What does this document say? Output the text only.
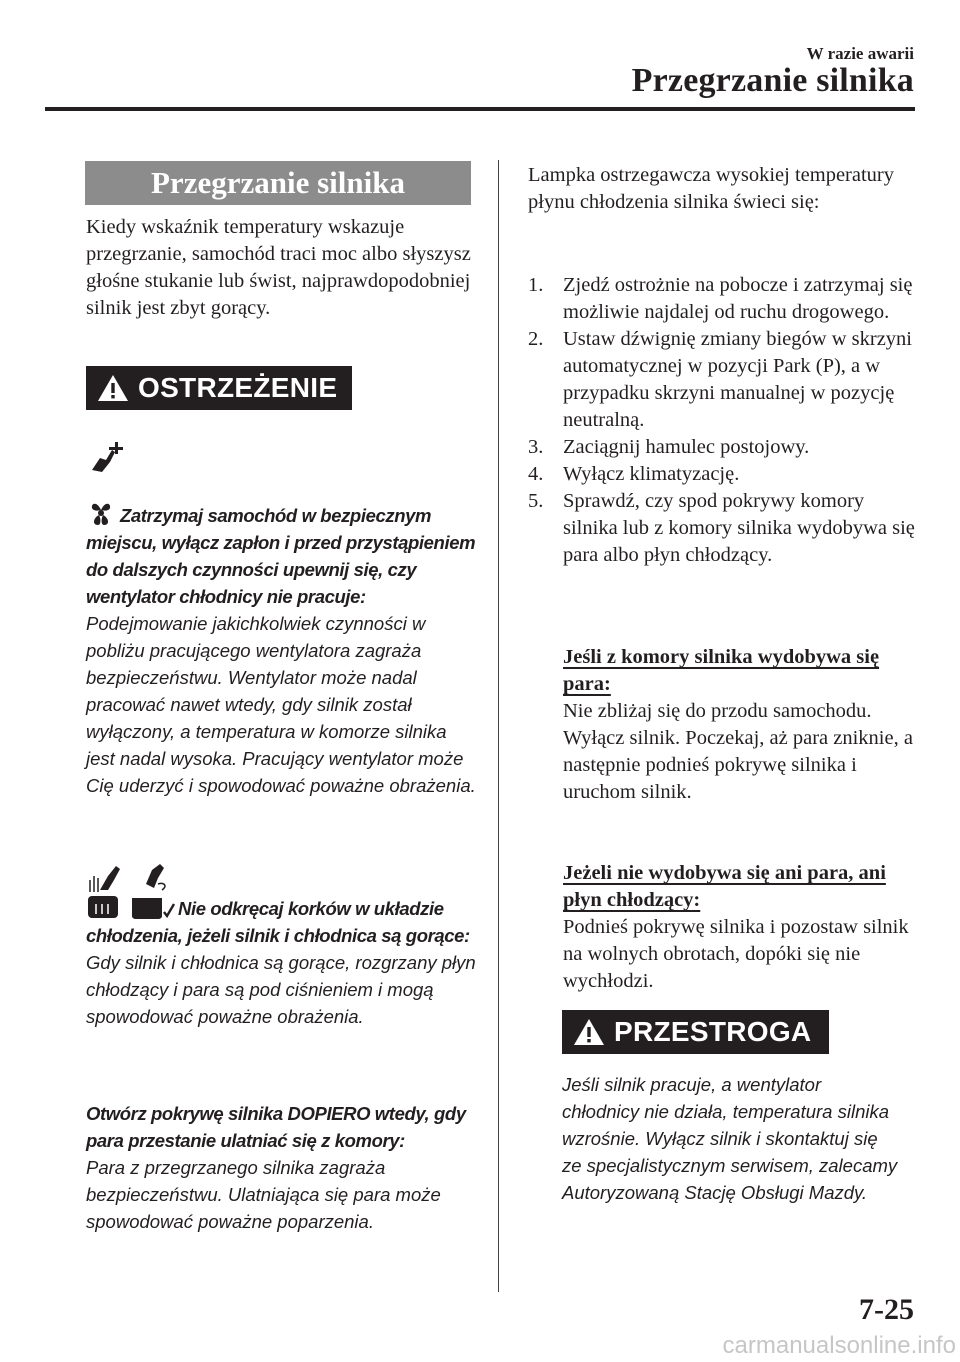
W razie awarii
Przegrzanie silnika
Przegrzanie silnika
Kiedy wskaźnik temperatury wskazuje przegrzanie, samochód traci moc albo słyszysz głośne stukanie lub świst, najprawdopodobniej silnik jest zbyt gorący.
OSTRZEŻENIE
Zatrzymaj samochód w bezpiecznym miejscu, wyłącz zapłon i przed przystąpieniem do dalszych czynności upewnij się, czy wentylator chłodnicy nie pracuje:
Podejmowanie jakichkolwiek czynności w pobliżu pracującego wentylatora zagraża bezpieczeństwu. Wentylator może nadal pracować nawet wtedy, gdy silnik został wyłączony, a temperatura w komorze silnika jest nadal wysoka. Pracujący wentylator może Cię uderzyć i spowodować poważne obrażenia.
Nie odkręcaj korków w układzie chłodzenia, jeżeli silnik i chłodnica są gorące:
Gdy silnik i chłodnica są gorące, rozgrzany płyn chłodzący i para są pod ciśnieniem i mogą spowodować poważne obrażenia.
Otwórz pokrywę silnika DOPIERO wtedy, gdy para przestanie ulatniać się z komory:
Para z przegrzanego silnika zagraża bezpieczeństwu. Ulatniająca się para może spowodować poważne poparzenia.
Lampka ostrzegawcza wysokiej temperatury płynu chłodzenia silnika świeci się:
1. Zjedź ostrożnie na pobocze i zatrzymaj się możliwie najdalej od ruchu drogowego.
2. Ustaw dźwignię zmiany biegów w skrzyni automatycznej w pozycji Park (P), a w przypadku skrzyni manualnej w pozycję neutralną.
3. Zaciągnij hamulec postojowy.
4. Wyłącz klimatyzację.
5. Sprawdź, czy spod pokrywy komory silnika lub z komory silnika wydobywa się para albo płyn chłodzący.
Jeśli z komory silnika wydobywa się para:
Nie zbliżaj się do przodu samochodu. Wyłącz silnik. Poczekaj, aż para zniknie, a następnie podnieś pokrywę silnika i uruchom silnik.
Jeżeli nie wydobywa się ani para, ani płyn chłodzący:
Podnieś pokrywę silnika i pozostaw silnik na wolnych obrotach, dopóki się nie wychłodzi.
PRZESTROGA
Jeśli silnik pracuje, a wentylator chłodnicy nie działa, temperatura silnika wzrośnie. Wyłącz silnik i skontaktuj się ze specjalistycznym serwisem, zalecamy Autoryzowaną Stację Obsługi Mazdy.
7-25
carmanualsonline.info
